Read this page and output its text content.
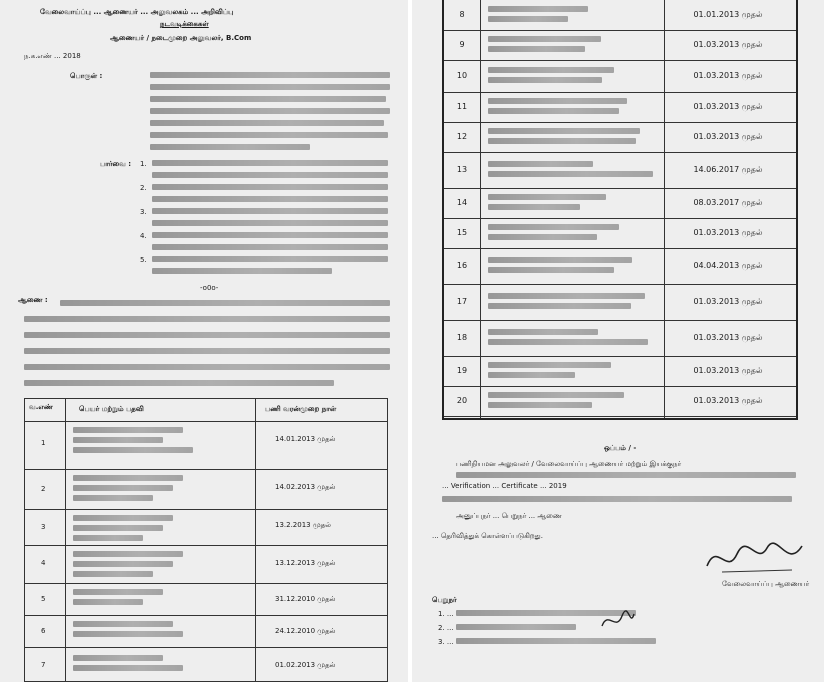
வேலைவாய்ப்பு ... ஆணையர் ... அலுவலகம் ... அறிவிப்பு
நடவடிக்கைகள்
ஆணையர் / நடைமுறை அலுவலர், B.Com
ந.க.எண் ... 2018
பொருள் :
பார்வை : 1.
2.
3.
4.
5.
-o0o-
ஆணை :
வ.எண்	பெயர் மற்றும் பதவி	பணி வரன்முறை நாள்
1	14.01.2013 முதல்
2	14.02.2013 முதல்
3	13.2.2013 முதல்
4	13.12.2013 முதல்
5	31.12.2010 முதல்
6	24.12.2010 முதல்
7	01.02.2013 முதல்
8	01.01.2013 முதல்
9	01.03.2013 முதல்
10	01.03.2013 முதல்
11	01.03.2013 முதல்
12	01.03.2013 முதல்
13	14.06.2017 முதல்
14	08.03.2017 முதல்
15	01.03.2013 முதல்
16	04.04.2013 முதல்
17	01.03.2013 முதல்
18	01.03.2013 முதல்
19	01.03.2013 முதல்
20	01.03.2013 முதல்
ஒப்பம் / -
பணிநியமன அலுவலர் / வேலைவாய்ப்பு ஆணையர் மற்றும் இயக்குநர்
... Verification ... Certificate ... 2019
அனுப்புநர் ... பெறுநர் ... ஆணை
... தெரிவித்துக் கொள்ளப்படுகிறது.
வேலைவாய்ப்பு ஆணையர்
பெறுநர்
1. ...
2. ...
3. ...
